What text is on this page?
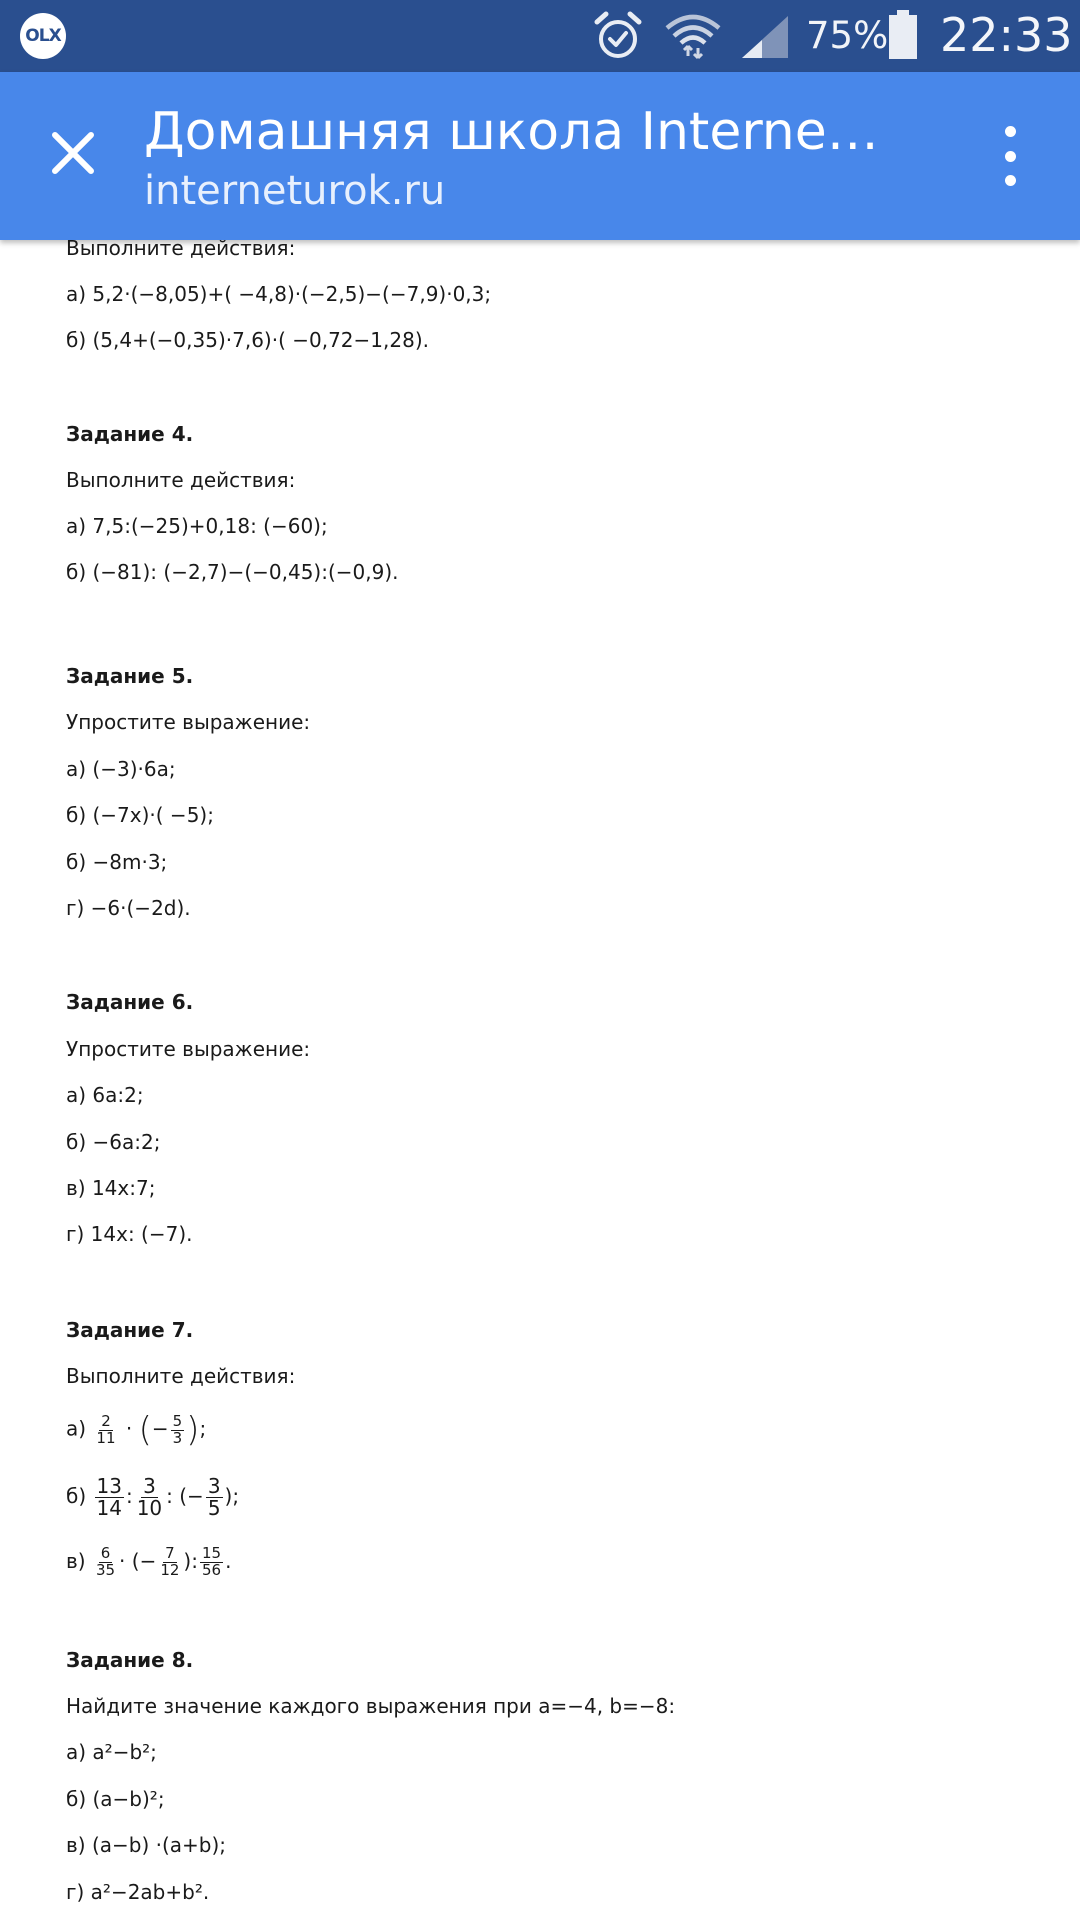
OLX	75% 22:33
Домашняя школа Interne…
interneturok.ru
Выполните действия:
а) 5,2·(−8,05)+( −4,8)·(−2,5)−(−7,9)·0,3;
б) (5,4+(−0,35)·7,6)·( −0,72−1,28).
Задание 4.
Выполните действия:
а) 7,5:(−25)+0,18: (−60);
б) (−81): (−2,7)−(−0,45):(−0,9).
Задание 5.
Упростите выражение:
а) (−3)·6a;
б) (−7x)·( −5);
б) −8m·3;
г) −6·(−2d).
Задание 6.
Упростите выражение:
а) 6a:2;
б) −6a:2;
в) 14x:7;
г) 14x: (−7).
Задание 7.
Выполните действия:
$а) \frac{2}{11}$ · (− $\frac{5}{3}$ );
$б) \frac{13}{14}$ : $\frac{3}{10}$ : (− $\frac{3}{5}$ );
$в) \frac{6}{35}$ · (− $\frac{7}{12}$ ): $\frac{15}{56}$ .
Задание 8.
Найдите значение каждого выражения при a=−4, b=−8:
а) a²−b²;
б) (a−b)²;
в) (a−b) ·(a+b);
г) a²−2ab+b².
